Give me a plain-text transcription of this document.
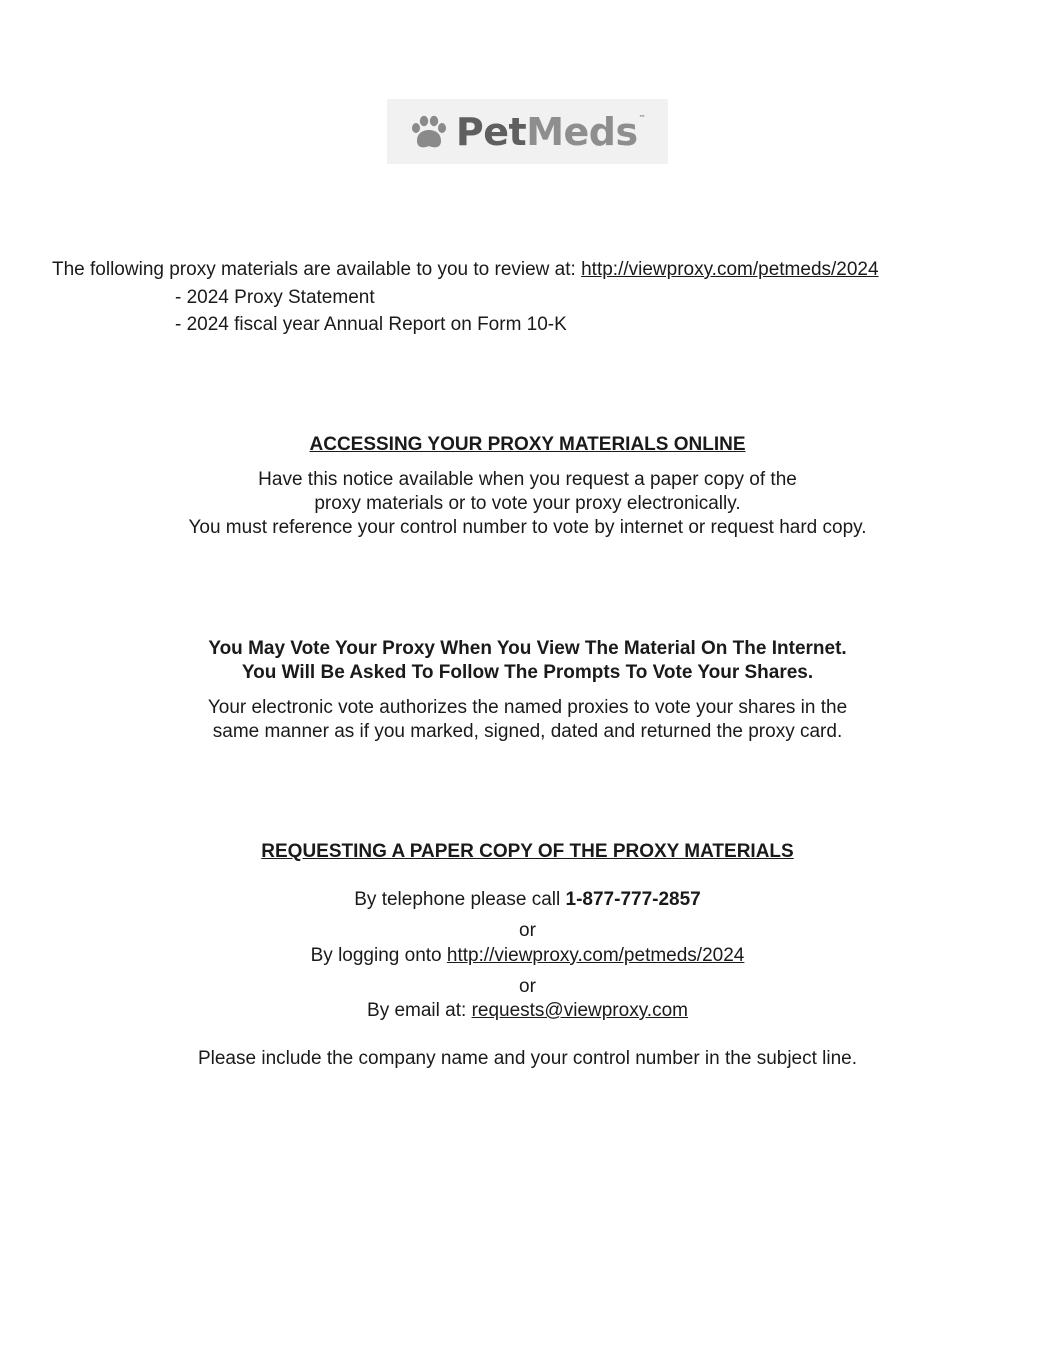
PetMeds™
The following proxy materials are available to you to review at: http://viewproxy.com/petmeds/2024
- 2024 Proxy Statement
- 2024 fiscal year Annual Report on Form 10-K
ACCESSING YOUR PROXY MATERIALS ONLINE
Have this notice available when you request a paper copy of the
proxy materials or to vote your proxy electronically.
You must reference your control number to vote by internet or request hard copy.
You May Vote Your Proxy When You View The Material On The Internet.
You Will Be Asked To Follow The Prompts To Vote Your Shares.
Your electronic vote authorizes the named proxies to vote your shares in the
same manner as if you marked, signed, dated and returned the proxy card.
REQUESTING A PAPER COPY OF THE PROXY MATERIALS
By telephone please call 1-877-777-2857
or
By logging onto http://viewproxy.com/petmeds/2024
or
By email at: requests@viewproxy.com
Please include the company name and your control number in the subject line.
